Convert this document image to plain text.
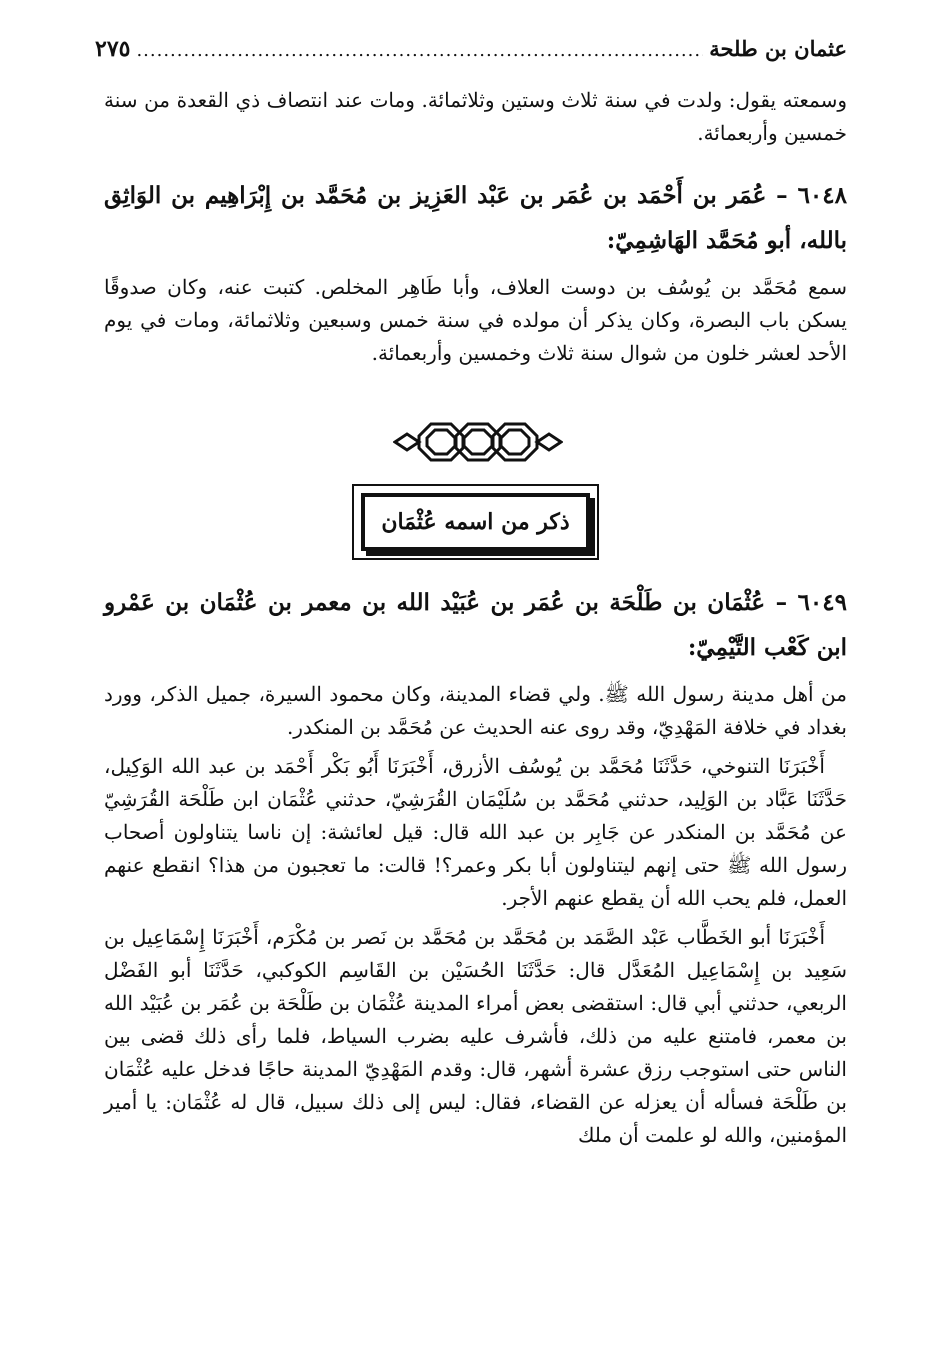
عثمان بن طلحة
.....
٢٧٥

وسمعته يقول: ولدت في سنة ثلاث وستين وثلاثمائة. ومات عند انتصاف ذي القعدة من سنة خمسين وأربعمائة.

٦٠٤٨ – عُمَر بن أَحْمَد بن عُمَر بن عَبْد العَزِيز بن مُحَمَّد بن إِبْرَاهِيم بن الوَاثِق بالله، أبو مُحَمَّد الهَاشِمِيّ:

سمع مُحَمَّد بن يُوسُف بن دوست العلاف، وأبا طَاهِر المخلص. كتبت عنه، وكان صدوقًا يسكن باب البصرة، وكان يذكر أن مولده في سنة خمس وسبعين وثلاثمائة، ومات في يوم الأحد لعشر خلون من شوال سنة ثلاث وخمسين وأربعمائة.

ذكر من اسمه عُثْمَان

٦٠٤٩ – عُثْمَان بن طَلْحَة بن عُمَر بن عُبَيْد الله بن معمر بن عُثْمَان بن عَمْرو ابن كَعْب التَّيْمِيّ:

من أهل مدينة رسول الله ﷺ. ولي قضاء المدينة، وكان محمود السيرة، جميل الذكر، وورد بغداد في خلافة المَهْدِيّ، وقد روى عنه الحديث عن مُحَمَّد بن المنكدر.

أَخْبَرَنَا التنوخي، حَدَّثَنَا مُحَمَّد بن يُوسُف الأزرق، أَخْبَرَنَا أَبُو بَكْر أَحْمَد بن عبد الله الوَكِيل، حَدَّثَنَا عَبَّاد بن الوَلِيد، حدثني مُحَمَّد بن سُلَيْمَان القُرَشِيّ، حدثني عُثْمَان ابن طَلْحَة القُرَشِيّ عن مُحَمَّد بن المنكدر عن جَابِر بن عبد الله قال: قيل لعائشة: إن ناسا يتناولون أصحاب رسول الله ﷺ حتى إنهم ليتناولون أبا بكر وعمر؟! قالت: ما تعجبون من هذا؟ انقطع عنهم العمل، فلم يحب الله أن يقطع عنهم الأجر.

أَخْبَرَنَا أبو الخَطَّاب عَبْد الصَّمَد بن مُحَمَّد بن مُحَمَّد بن نَصر بن مُكْرَم، أَخْبَرَنَا إِسْمَاعِيل بن سَعِيد بن إِسْمَاعِيل المُعَدَّل قال: حَدَّثَنَا الحُسَيْن بن القَاسِم الكوكبي، حَدَّثَنَا أبو الفَضْل الربعي، حدثني أبي قال: استقضى بعض أمراء المدينة عُثْمَان بن طَلْحَة بن عُمَر بن عُبَيْد الله بن معمر، فامتنع عليه من ذلك، فأشرف عليه بضرب السياط، فلما رأى ذلك قضى بين الناس حتى استوجب رزق عشرة أشهر، قال: وقدم المَهْدِيّ المدينة حاجًا فدخل عليه عُثْمَان بن طَلْحَة فسأله أن يعزله عن القضاء، فقال: ليس إلى ذلك سبيل، قال له عُثْمَان: يا أمير المؤمنين، والله لو علمت أن ملك
